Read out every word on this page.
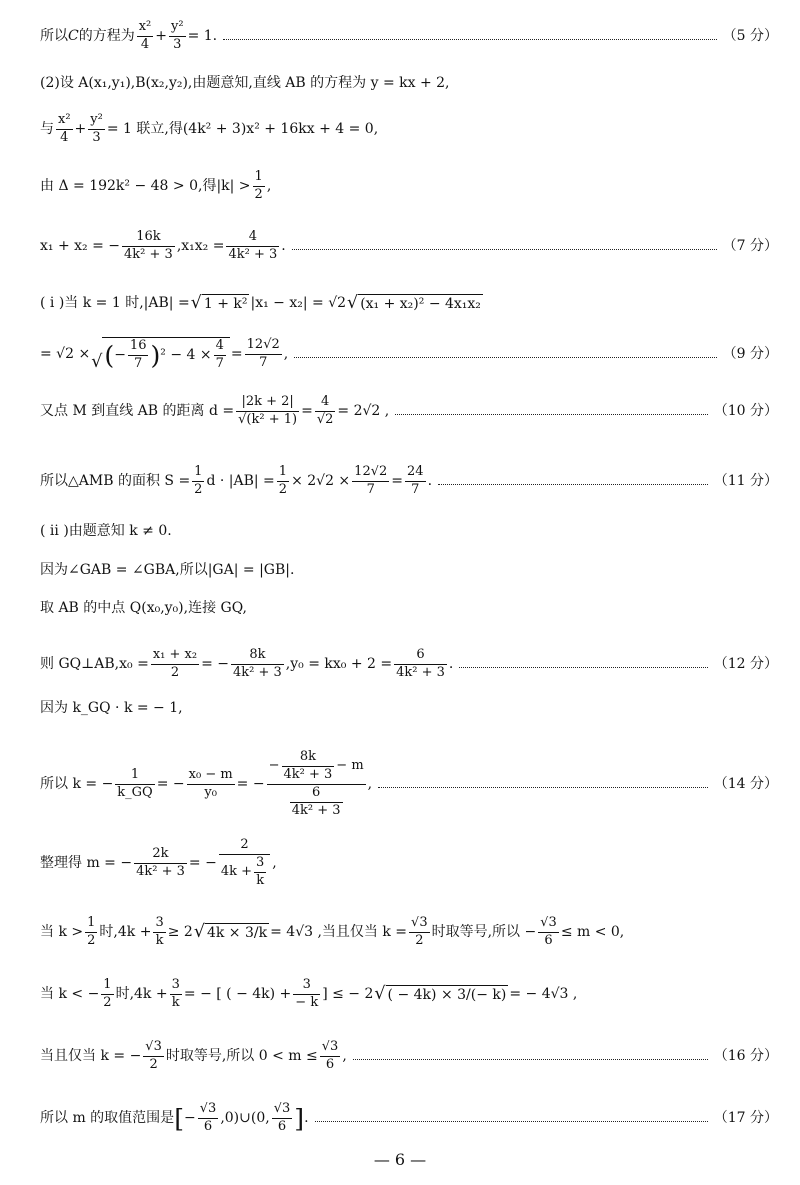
所以 C 的方程为 $\frac{\text{x²}}{4} + \frac{\text{y²}}{3} = 1$.	（5 分）
(2)设 A(x₁,y₁),B(x₂,y₂),由题意知,直线 AB 的方程为 y = kx + 2,
与 $\frac{\text{x²}}{4} + \frac{\text{y²}}{3} = 1$ 联立,得(4k² + 3)x² + 16kx + 4 = 0,
由 Δ = 192k² − 48 > 0,得$|k| > \frac{1}{2}$ ,
x₁ + x₂ = − $\frac{16k}{\text{4k² + 3}} ,x_1x_2 = \frac{4}{\text{4k² + 3}}$ .	（7 分）
( ⅰ )当 k = 1 时,|AB| = √ 1 + k² |x₁ − x₂| = √2 √ (x₁ + x₂)² − 4x₁x₂
= √2 × √ ( − $\frac{16}{7}$ ) $^2 - 4 \times \frac{4}{7} = \frac{12√2}{7}$ ,	（9 分）
又点 M 到直线 AB 的距离 $d = \frac{|2k + 2|}{\text{√(k² + 1)}} = \frac{4}{√2} = 2√2$ ,	（10 分）
所以△AMB 的面积 $S = \frac{1}{2}$ $d \cdot |AB| = \frac{1}{2} \times 2√2 \times \frac{12√2}{7} = \frac{24}{7}$ .	（11 分）
( ⅱ )由题意知 k ≠ 0.
因为∠GAB = ∠GBA,所以|GA| = |GB|.
取 AB 的中点 Q(x₀,y₀),连接 GQ,
则 GQ⊥AB,x₀ = $\frac{\text{x₁ + x₂}}{2}$ = − $\frac{8k}{\text{4k² + 3}} ,y_0 = kx_0 + 2 = \frac{6}{\text{4k² + 3}}$ .	（12 分）
因为 k_GQ · k = − 1,
所以 k = − $\frac{1}{k\_GQ}$ = − $\frac{\text{x₀ − m}}{\text{y₀}}$ = − $\frac{- \frac{8k}{\text{4k² + 3}} - m}{\frac{6}{\text{4k² + 3}}}$ ,	（14 分）
整理得 m = − $\frac{2k}{\text{4k² + 3}}$ = − $\frac{2}{4k + \frac{3}{k}}$ ,
当 $k > \frac{1}{2}$ 时$,4k + \frac{3}{k} \ge 2$ √ 4k × 3/k = 4√3 ,当且仅当 $k = \frac{√3}{2}$ 时取等号,所以 − $\frac{√3}{6} \le m < 0$,
当 k < − $\frac{1}{2}$ 时$,4k + \frac{3}{k}$ = − [ ( − $4k) + \frac{3}{- k}$ ] ≤ − 2 √ ( − 4k) × 3/(− k) = − 4√3 ,
当且仅当 k = − $\frac{√3}{2}$ 时取等号,所以 $0 < m \le \frac{√3}{6}$ ,	（16 分）
所以 m 的取值范围是 [ − $\frac{√3}{6}$ ,0)∪(0, $\frac{√3}{6}$ ] .	（17 分）
— 6 —
